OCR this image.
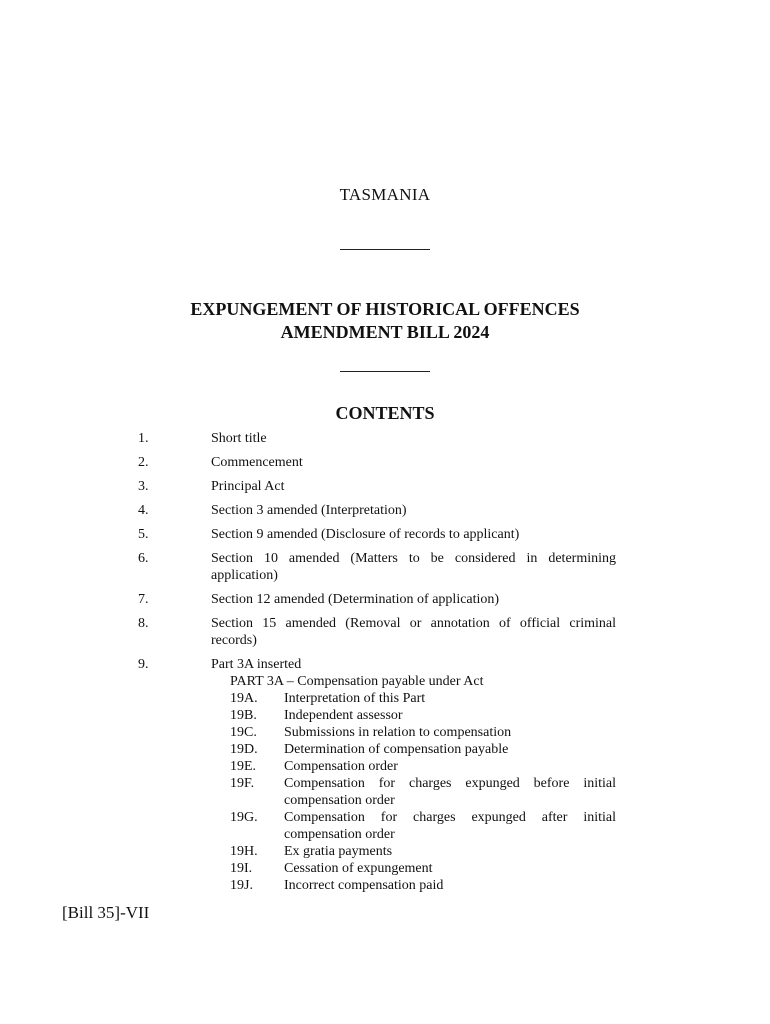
TASMANIA
EXPUNGEMENT OF HISTORICAL OFFENCES
AMENDMENT BILL 2024
CONTENTS
1.	Short title
2.	Commencement
3.	Principal Act
4.	Section 3 amended (Interpretation)
5.	Section 9 amended (Disclosure of records to applicant)
6.	Section 10 amended (Matters to be considered in determining application)
7.	Section 12 amended (Determination of application)
8.	Section 15 amended (Removal or annotation of official criminal records)
9.	Part 3A inserted
PART 3A – Compensation payable under Act
19A. Interpretation of this Part
19B. Independent assessor
19C. Submissions in relation to compensation
19D. Determination of compensation payable
19E. Compensation order
19F. Compensation for charges expunged before initial compensation order
19G. Compensation for charges expunged after initial compensation order
19H. Ex gratia payments
19I. Cessation of expungement
19J. Incorrect compensation paid
[Bill 35]-VII
